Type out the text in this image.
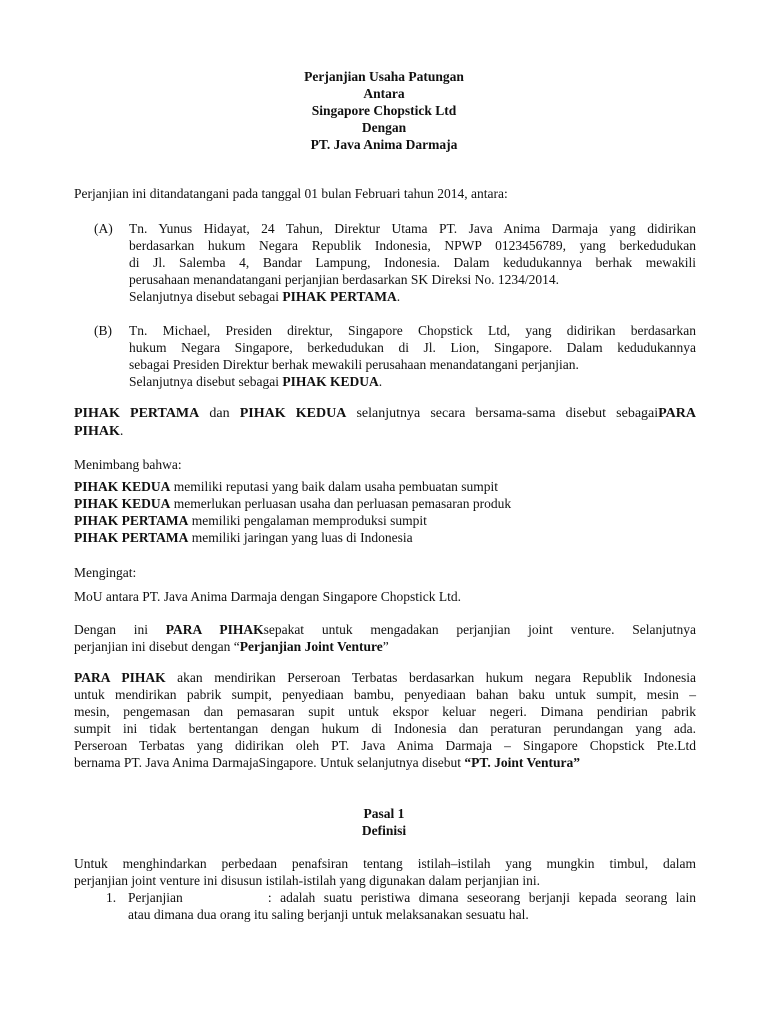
Perjanjian Usaha Patungan
Antara
Singapore Chopstick Ltd
Dengan
PT. Java Anima Darmaja
Perjanjian ini ditandatangani pada tanggal 01 bulan Februari tahun 2014, antara:
(A)	Tn. Yunus Hidayat, 24 Tahun, Direktur Utama PT. Java Anima Darmaja yang didirikan
berdasarkan hukum Negara Republik Indonesia, NPWP 0123456789, yang berkedudukan
di Jl. Salemba 4, Bandar Lampung, Indonesia. Dalam kedudukannya berhak mewakili
perusahaan menandatangani perjanjian berdasarkan SK Direksi No. 1234/2014.
Selanjutnya disebut sebagai PIHAK PERTAMA.
(B)	Tn. Michael, Presiden direktur, Singapore Chopstick Ltd, yang didirikan berdasarkan
hukum Negara Singapore, berkedudukan di Jl. Lion, Singapore. Dalam kedudukannya
sebagai Presiden Direktur berhak mewakili perusahaan menandatangani perjanjian.
Selanjutnya disebut sebagai PIHAK KEDUA.
PIHAK PERTAMA dan PIHAK KEDUA selanjutnya secara bersama-sama disebut sebagaiPARA
PIHAK.
Menimbang bahwa:
PIHAK KEDUA memiliki reputasi yang baik dalam usaha pembuatan sumpit
PIHAK KEDUA memerlukan perluasan usaha dan perluasan pemasaran produk
PIHAK PERTAMA memiliki pengalaman memproduksi sumpit
PIHAK PERTAMA memiliki jaringan yang luas di Indonesia
Mengingat:
MoU antara PT. Java Anima Darmaja dengan Singapore Chopstick Ltd.
Dengan ini PARA PIHAKsepakat untuk mengadakan perjanjian joint venture. Selanjutnya
perjanjian ini disebut dengan “Perjanjian Joint Venture”
PARA PIHAK akan mendirikan Perseroan Terbatas berdasarkan hukum negara Republik Indonesia
untuk mendirikan pabrik sumpit, penyediaan bambu, penyediaan bahan baku untuk sumpit, mesin –
mesin, pengemasan dan pemasaran supit untuk ekspor keluar negeri. Dimana pendirian pabrik
sumpit ini tidak bertentangan dengan hukum di Indonesia dan peraturan perundangan yang ada.
Perseroan Terbatas yang didirikan oleh PT. Java Anima Darmaja – Singapore Chopstick Pte.Ltd
bernama PT. Java Anima DarmajaSingapore. Untuk selanjutnya disebut “PT. Joint Ventura”
Pasal 1
Definisi
Untuk menghindarkan perbedaan penafsiran tentang istilah–istilah yang mungkin timbul, dalam
perjanjian joint venture ini disusun istilah-istilah yang digunakan dalam perjanjian ini.
1. Perjanjian          : adalah suatu peristiwa dimana seseorang berjanji kepada seorang lain
atau dimana dua orang itu saling berjanji untuk melaksanakan sesuatu hal.
